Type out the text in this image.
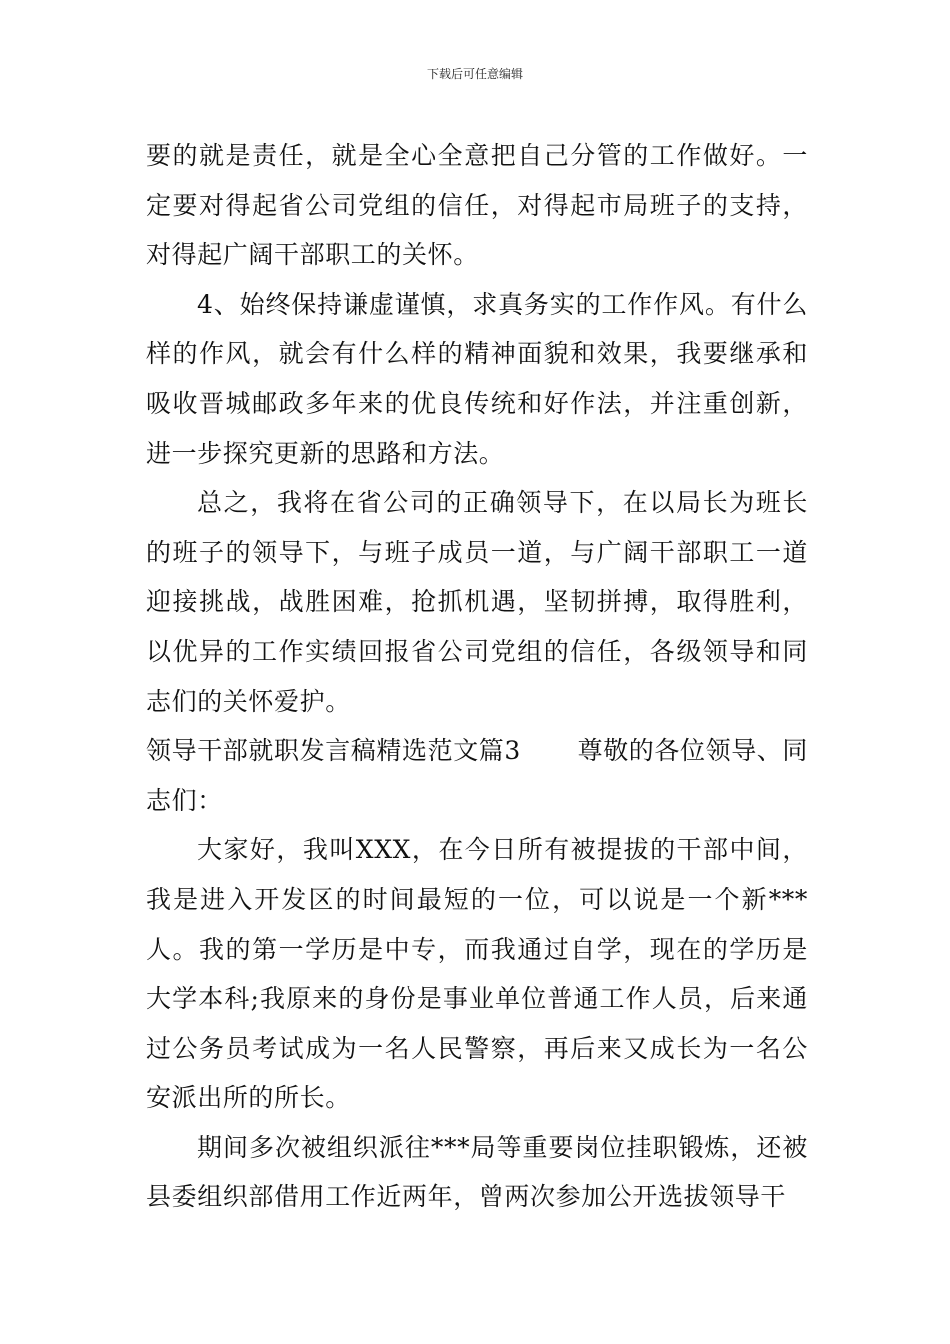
下载后可任意编辑

要的就是责任，就是全心全意把自己分管的工作做好。一定要对得起省公司党组的信任，对得起市局班子的支持，对得起广阔干部职工的关怀。

4、始终保持谦虚谨慎，求真务实的工作作风。有什么样的作风，就会有什么样的精神面貌和效果，我要继承和吸收晋城邮政多年来的优良传统和好作法，并注重创新，进一步探究更新的思路和方法。

总之，我将在省公司的正确领导下，在以局长为班长的班子的领导下，与班子成员一道，与广阔干部职工一道迎接挑战，战胜困难，抢抓机遇，坚韧拼搏，取得胜利，以优异的工作实绩回报省公司党组的信任，各级领导和同志们的关怀爱护。

领导干部就职发言稿精选范文篇3 尊敬的各位领导、同

志们：

大家好，我叫XXX，在今日所有被提拔的干部中间，我是进入开发区的时间最短的一位，可以说是一个新***人。我的第一学历是中专，而我通过自学，现在的学历是大学本科;我原来的身份是事业单位普通工作人员，后来通过公务员考试成为一名人民警察，再后来又成长为一名公安派出所的所长。

期间多次被组织派往***局等重要岗位挂职锻炼，还被县委组织部借用工作近两年，曾两次参加公开选拔领导干
